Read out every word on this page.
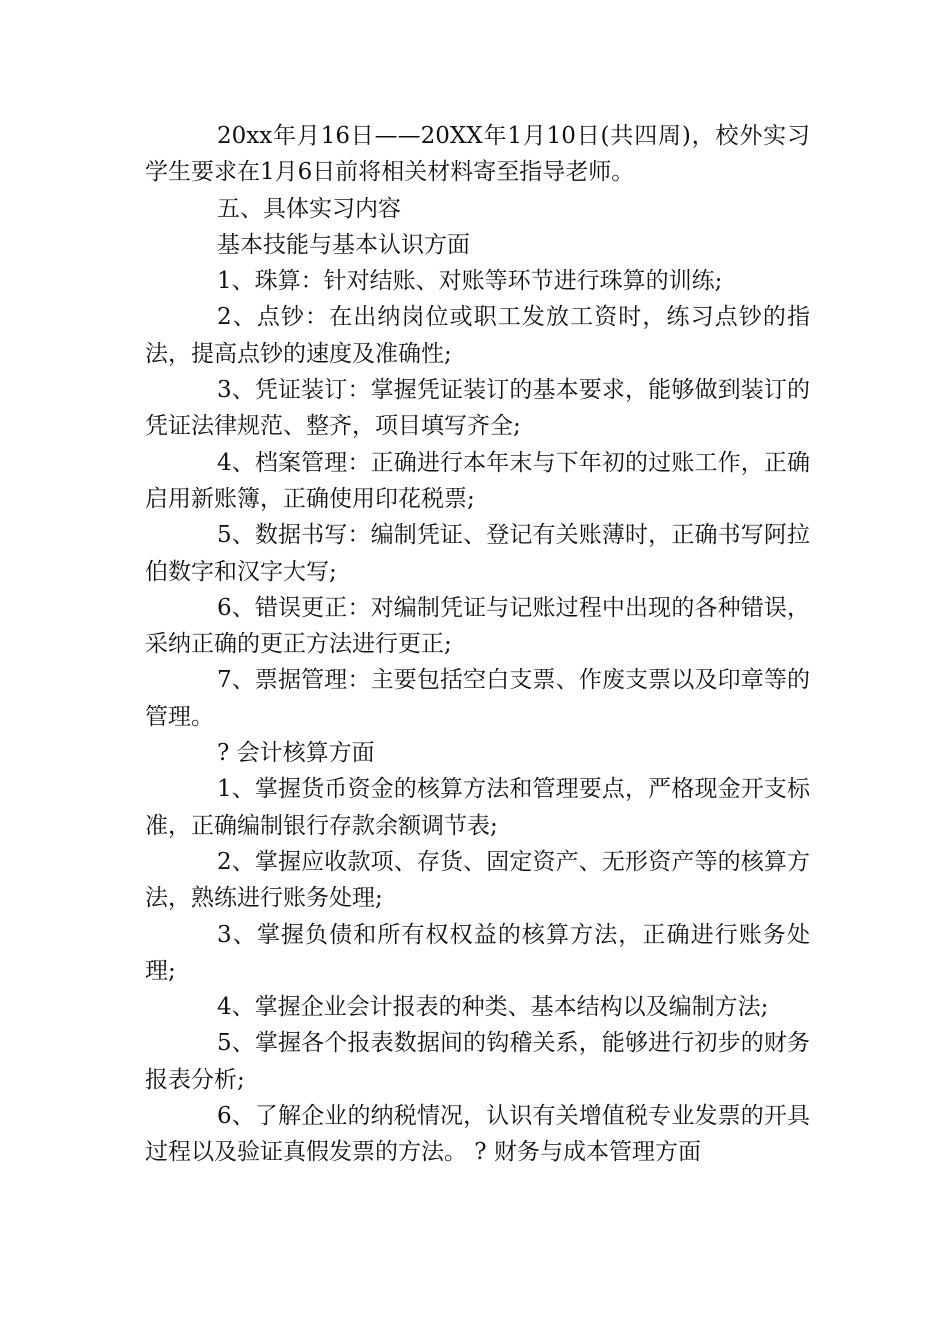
20xx年月16日——20XX年1月10日(共四周)，校外实习学生要求在1月6日前将相关材料寄至指导老师。

五、具体实习内容

基本技能与基本认识方面

1、珠算：针对结账、对账等环节进行珠算的训练;

2、点钞：在出纳岗位或职工发放工资时，练习点钞的指法，提高点钞的速度及准确性;

3、凭证装订：掌握凭证装订的基本要求，能够做到装订的凭证法律规范、整齐，项目填写齐全;

4、档案管理：正确进行本年末与下年初的过账工作，正确启用新账簿，正确使用印花税票;

5、数据书写：编制凭证、登记有关账薄时，正确书写阿拉伯数字和汉字大写;

6、错误更正：对编制凭证与记账过程中出现的各种错误，采纳正确的更正方法进行更正;

7、票据管理：主要包括空白支票、作废支票以及印章等的管理。

? 会计核算方面

1、掌握货币资金的核算方法和管理要点，严格现金开支标准，正确编制银行存款余额调节表;

2、掌握应收款项、存货、固定资产、无形资产等的核算方法，熟练进行账务处理;

3、掌握负债和所有权权益的核算方法，正确进行账务处理;

4、掌握企业会计报表的种类、基本结构以及编制方法;

5、掌握各个报表数据间的钩稽关系，能够进行初步的财务报表分析;

6、了解企业的纳税情况，认识有关增值税专业发票的开具过程以及验证真假发票的方法。 ? 财务与成本管理方面
